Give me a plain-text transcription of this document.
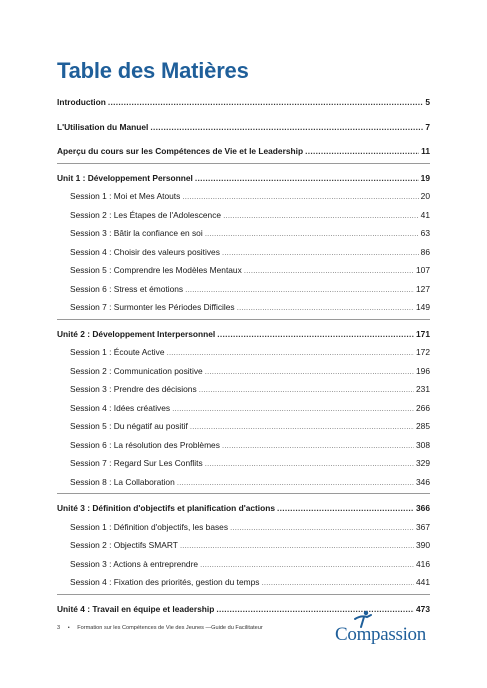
Table des Matières
Introduction .....	5
L'Utilisation du Manuel .....	7
Aperçu du cours sur les Compétences de Vie et le Leadership .....	11
Unit 1 : Développement Personnel .....	19
Session 1 : Moi et Mes Atouts .....	20
Session 2 : Les Étapes de l'Adolescence .....	41
Session 3 : Bâtir la confiance en soi .....	63
Session 4 : Choisir des valeurs positives .....	86
Session 5 : Comprendre les Modèles Mentaux .....	107
Session 6 : Stress et émotions .....	127
Session 7 : Surmonter les Périodes Difficiles .....	149
Unité 2 : Développement Interpersonnel .....	171
Session 1 : Écoute Active .....	172
Session 2 : Communication positive .....	196
Session 3 : Prendre des décisions .....	231
Session 4 : Idées créatives .....	266
Session 5 : Du négatif au positif .....	285
Session 6 : La résolution des Problèmes .....	308
Session 7 : Regard Sur Les Conflits .....	329
Session 8 : La Collaboration .....	346
Unité 3 : Définition d'objectifs et planification d'actions .....	366
Session 1 : Définition d'objectifs, les bases .....	367
Session 2 : Objectifs SMART .....	390
Session 3 : Actions à entreprendre .....	416
Session 4 : Fixation des priorités, gestion du temps .....	441
Unité 4 : Travail en équipe et leadership .....	473
3 • Formation sur les Compétences de Vie des Jeunes —Guide du Facilitateur	Compassion
